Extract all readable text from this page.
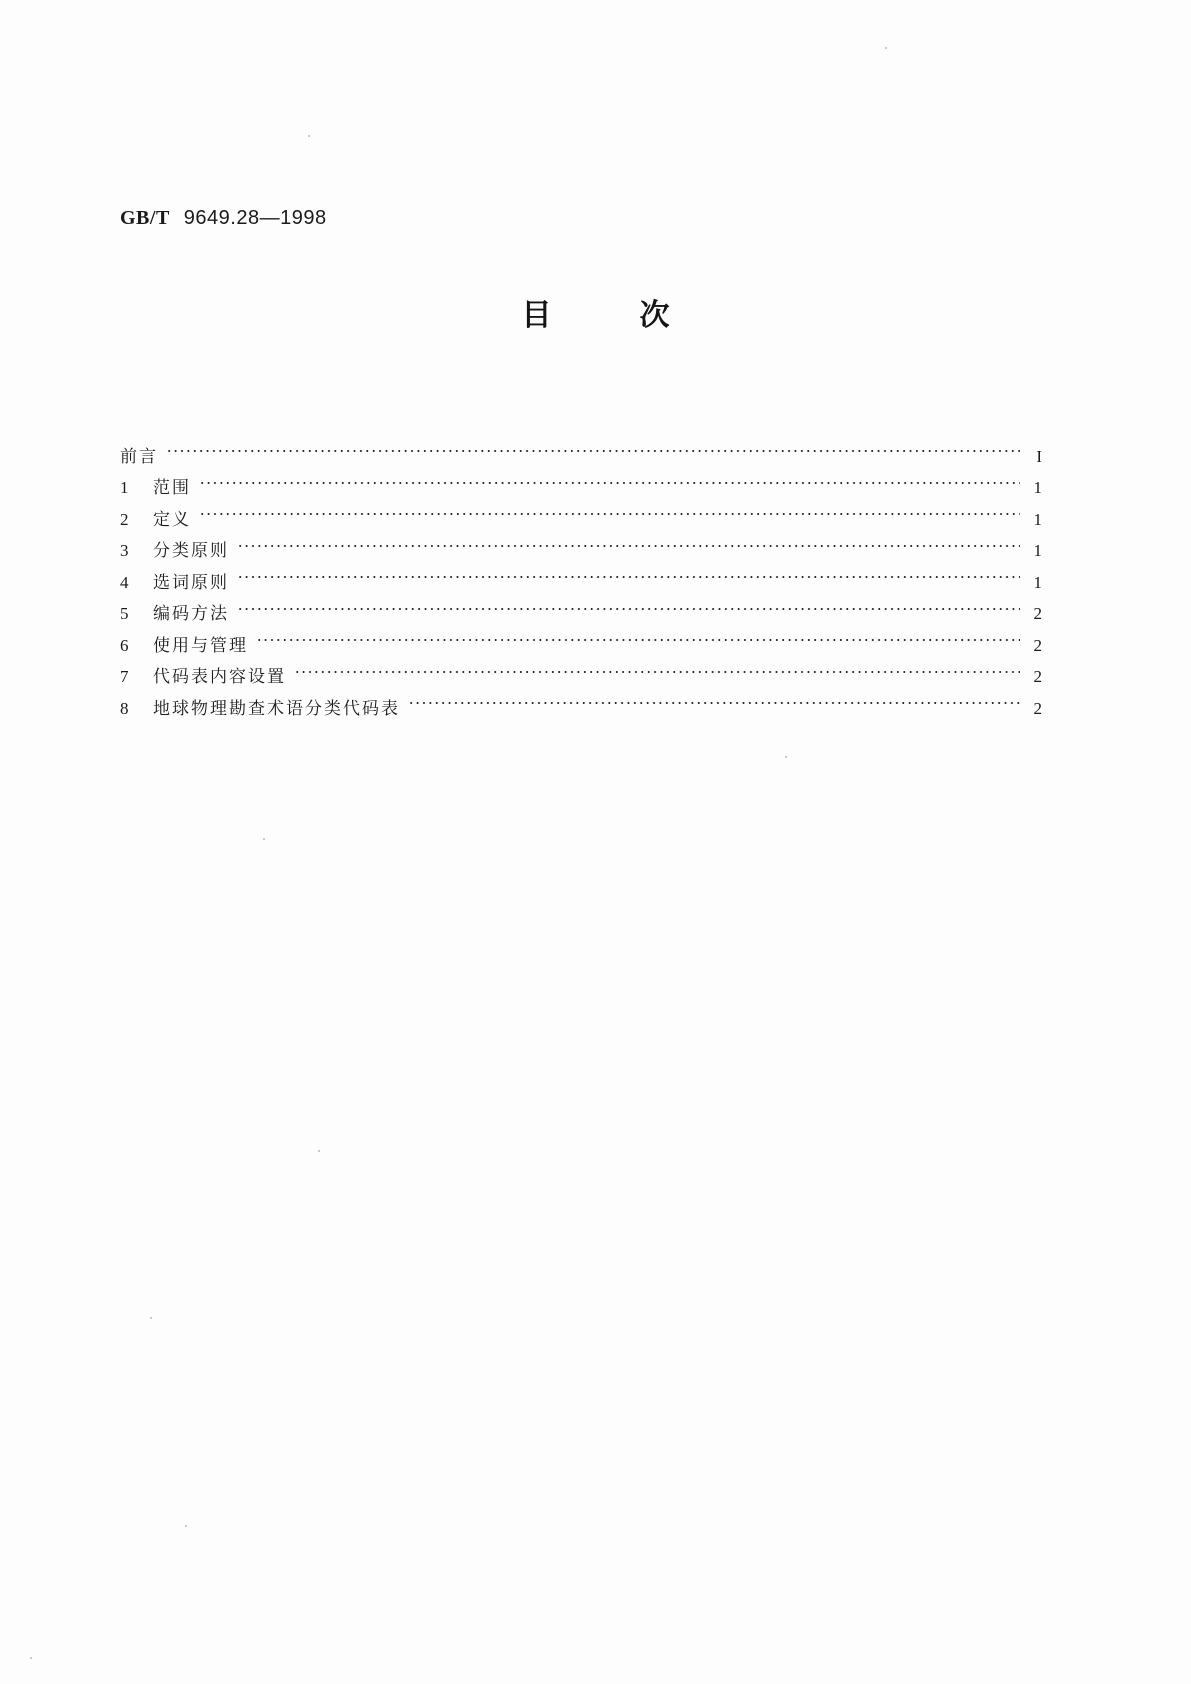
GB/T 9649.28—1998
目次
前言	I
1	范围	1
2	定义	1
3	分类原则	1
4	选词原则	1
5	编码方法	2
6	使用与管理	2
7	代码表内容设置	2
8	地球物理勘查术语分类代码表	2
